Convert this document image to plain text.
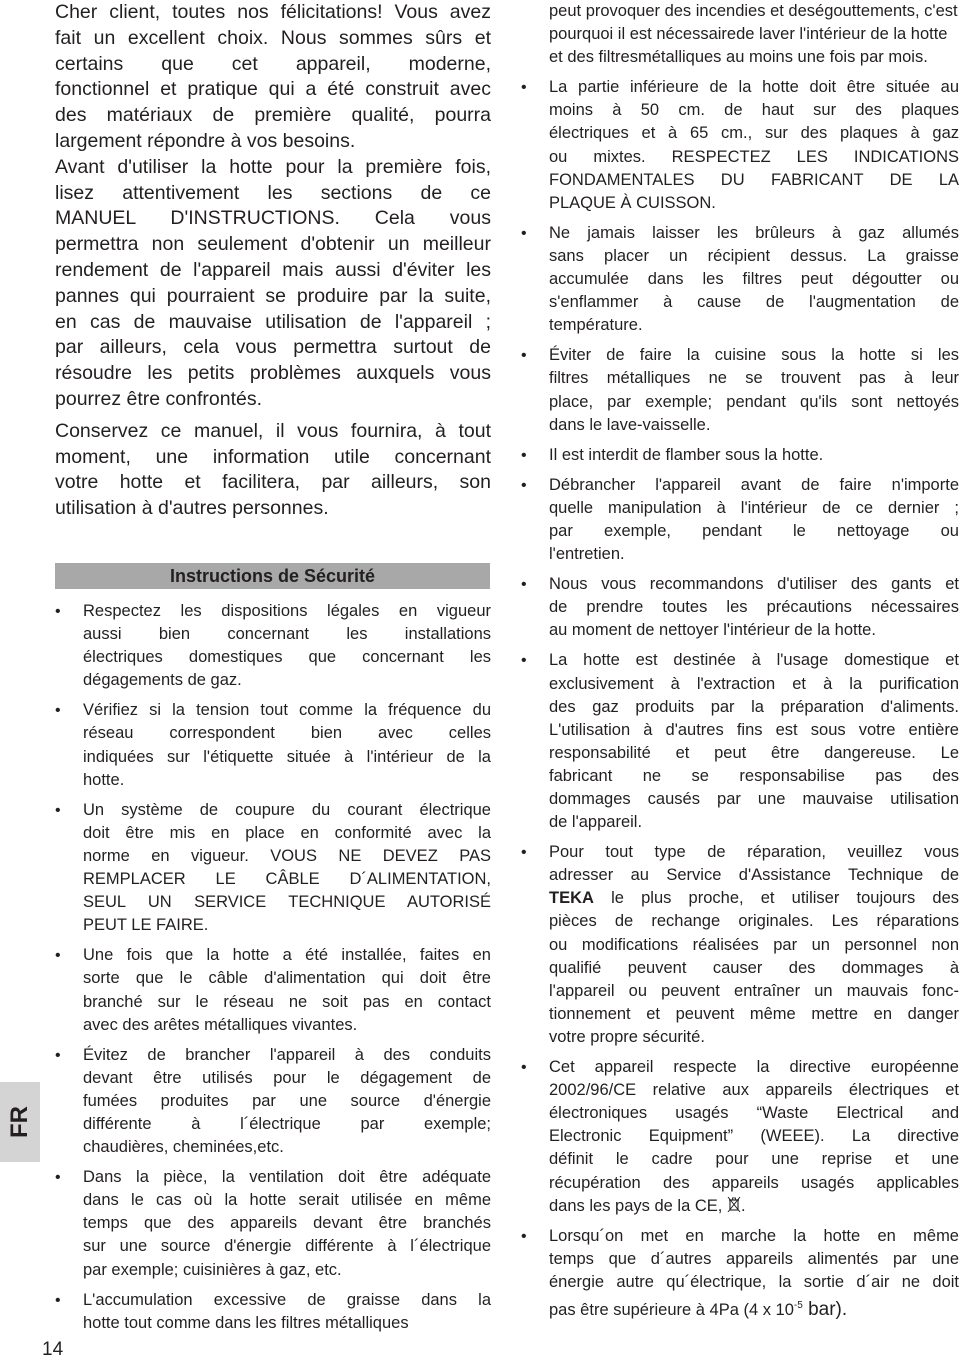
Cher client, toutes nos félicitations! Vous avez
fait un excellent choix. Nous sommes sûrs et
certains que cet appareil, moderne,
fonctionnel et pratique qui a été construit avec
des matériaux de première qualité, pourra
largement répondre à vos besoins.

Avant d'utiliser la hotte pour la première fois,
lisez attentivement les sections de ce
MANUEL D'INSTRUCTIONS. Cela vous
permettra non seulement d'obtenir un meilleur
rendement de l'appareil mais aussi d'éviter les
pannes qui pourraient se produire par la suite,
en cas de mauvaise utilisation de l'appareil ;
par ailleurs, cela vous permettra surtout de
résoudre les petits problèmes auxquels vous
pourrez être confrontés.

Conservez ce manuel, il vous fournira, à tout
moment, une information utile concernant
votre hotte et facilitera, par ailleurs, son
utilisation à d'autres personnes.

Instructions de Sécurité
• Respectez les dispositions légales en vigueur
aussi bien concernant les installations
électriques domestiques que concernant les
dégagements de gaz.
• Vérifiez si la tension tout comme la fréquence du
réseau correspondent bien avec celles
indiquées sur l'étiquette située à l'intérieur de la
hotte.
• Un système de coupure du courant électrique
doit être mis en place en conformité avec la
norme en vigueur. VOUS NE DEVEZ PAS
REMPLACER LE CÂBLE D´ALIMENTATION,
SEUL UN SERVICE TECHNIQUE AUTORISÉ
PEUT LE FAIRE.
• Une fois que la hotte a été installée, faites en
sorte que le câble d'alimentation qui doit être
branché sur le réseau ne soit pas en contact
avec des arêtes métalliques vivantes.
• Évitez de brancher l'appareil à des conduits
devant être utilisés pour le dégagement de
fumées produites par une source d'énergie
différente à l´électrique par exemple;
chaudières, cheminées,etc.
• Dans la pièce, la ventilation doit être adéquate
dans le cas où la hotte serait utilisée en même
temps que des appareils devant être branchés
sur une source d'énergie différente à l´électrique
par exemple; cuisinières à gaz, etc.
• L'accumulation excessive de graisse dans la
hotte tout comme dans les filtres métalliques
peut provoquer des incendies et deségouttements, c'est pourquoi il est nécessairede laver l'intérieur de la hotte et des filtresmétalliques au moins une fois par mois.
• La partie inférieure de la hotte doit être située au
moins à 50 cm. de haut sur des plaques
électriques et à 65 cm., sur des plaques à gaz
ou mixtes. RESPECTEZ LES INDICATIONS
FONDAMENTALES DU FABRICANT DE LA
PLAQUE À CUISSON.
• Ne jamais laisser les brûleurs à gaz allumés
sans placer un récipient dessus. La graisse
accumulée dans les filtres peut dégoutter ou
s'enflammer à cause de l'augmentation de
température.
• Éviter de faire la cuisine sous la hotte si les
filtres métalliques ne se trouvent pas à leur
place, par exemple; pendant qu'ils sont nettoyés
dans le lave-vaisselle.
• Il est interdit de flamber sous la hotte.
• Débrancher l'appareil avant de faire n'importe
quelle manipulation à l'intérieur de ce dernier ;
par exemple, pendant le nettoyage ou
l'entretien.
• Nous vous recommandons d'utiliser des gants et
de prendre toutes les précautions nécessaires
au moment de nettoyer l'intérieur de la hotte.
• La hotte est destinée à l'usage domestique et
exclusivement à l'extraction et à la purification
des gaz produits par la préparation d'aliments.
L'utilisation à d'autres fins est sous votre entière
responsabilité et peut être dangereuse. Le
fabricant ne se responsabilise pas des
dommages causés par une mauvaise utilisation
de l'appareil.
• Pour tout type de réparation, veuillez vous
adresser au Service d'Assistance Technique de
TEKA le plus proche, et utiliser toujours des
pièces de rechange originales. Les réparations
ou modifications réalisées par un personnel non
qualifié peuvent causer des dommages à
l'appareil ou peuvent entraîner un mauvais fonc-
tionnement et peuvent même mettre en danger
votre propre sécurité.
• Cet appareil respecte la directive européenne
2002/96/CE relative aux appareils électriques et
électroniques usagés “Waste Electrical and
Electronic Equipment” (WEEE). La directive
définit le cadre pour une reprise et une
récupération des appareils usagés applicables
dans les pays de la CE, .
• Lorsqu´on met en marche la hotte en même
temps que d´autres appareils alimentés par une
énergie autre qu´électrique, la sortie d´air ne doit
pas être supérieure à 4Pa (4 x $10^{-5}$ bar).
FR
14
